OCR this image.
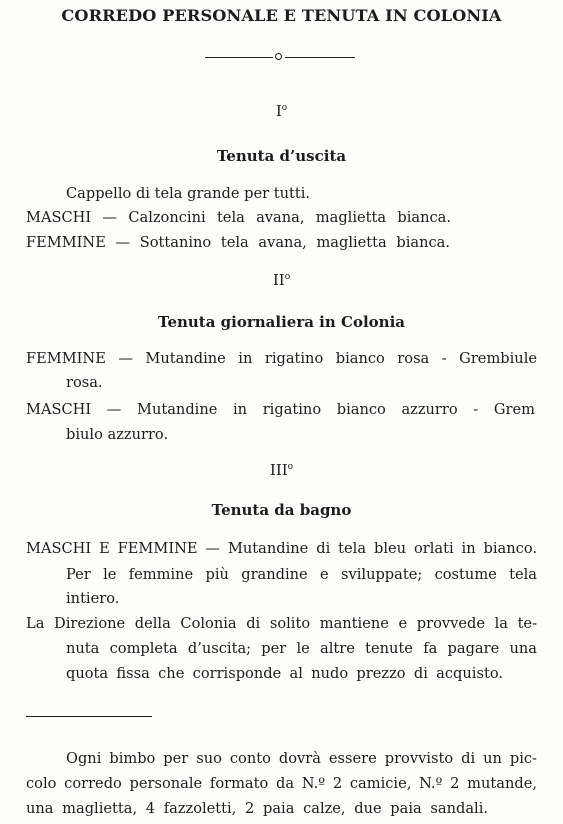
CORREDO PERSONALE E TENUTA IN COLONIA
$I^o$
Tenuta d’uscita
Cappello di tela grande per tutti.
MASCHI — Calzoncini tela avana, maglietta bianca.
FEMMINE — Sottanino tela avana, maglietta bianca.
$II^o$
Tenuta giornaliera in Colonia
FEMMINE — Mutandine in rigatino bianco rosa - Grembiule
rosa.
MASCHI — Mutandine in rigatino bianco azzurro - Grem
biulo azzurro.
III$^o$
Tenuta da bagno
MASCHI E FEMMINE — Mutandine di tela bleu orlati in bianco.
Per le femmine più grandine e sviluppate; costume tela
intiero.
La Direzione della Colonia di solito mantiene e provvede la te-
nuta completa d’uscita; per le altre tenute fa pagare una
quota fissa che corrisponde al nudo prezzo di acquisto.
Ogni bimbo per suo conto dovrà essere provvisto di un pic-
colo corredo personale formato da N.º 2 camicie, N.º 2 mutande,
una maglietta, 4 fazzoletti, 2 paia calze, due paia sandali.
